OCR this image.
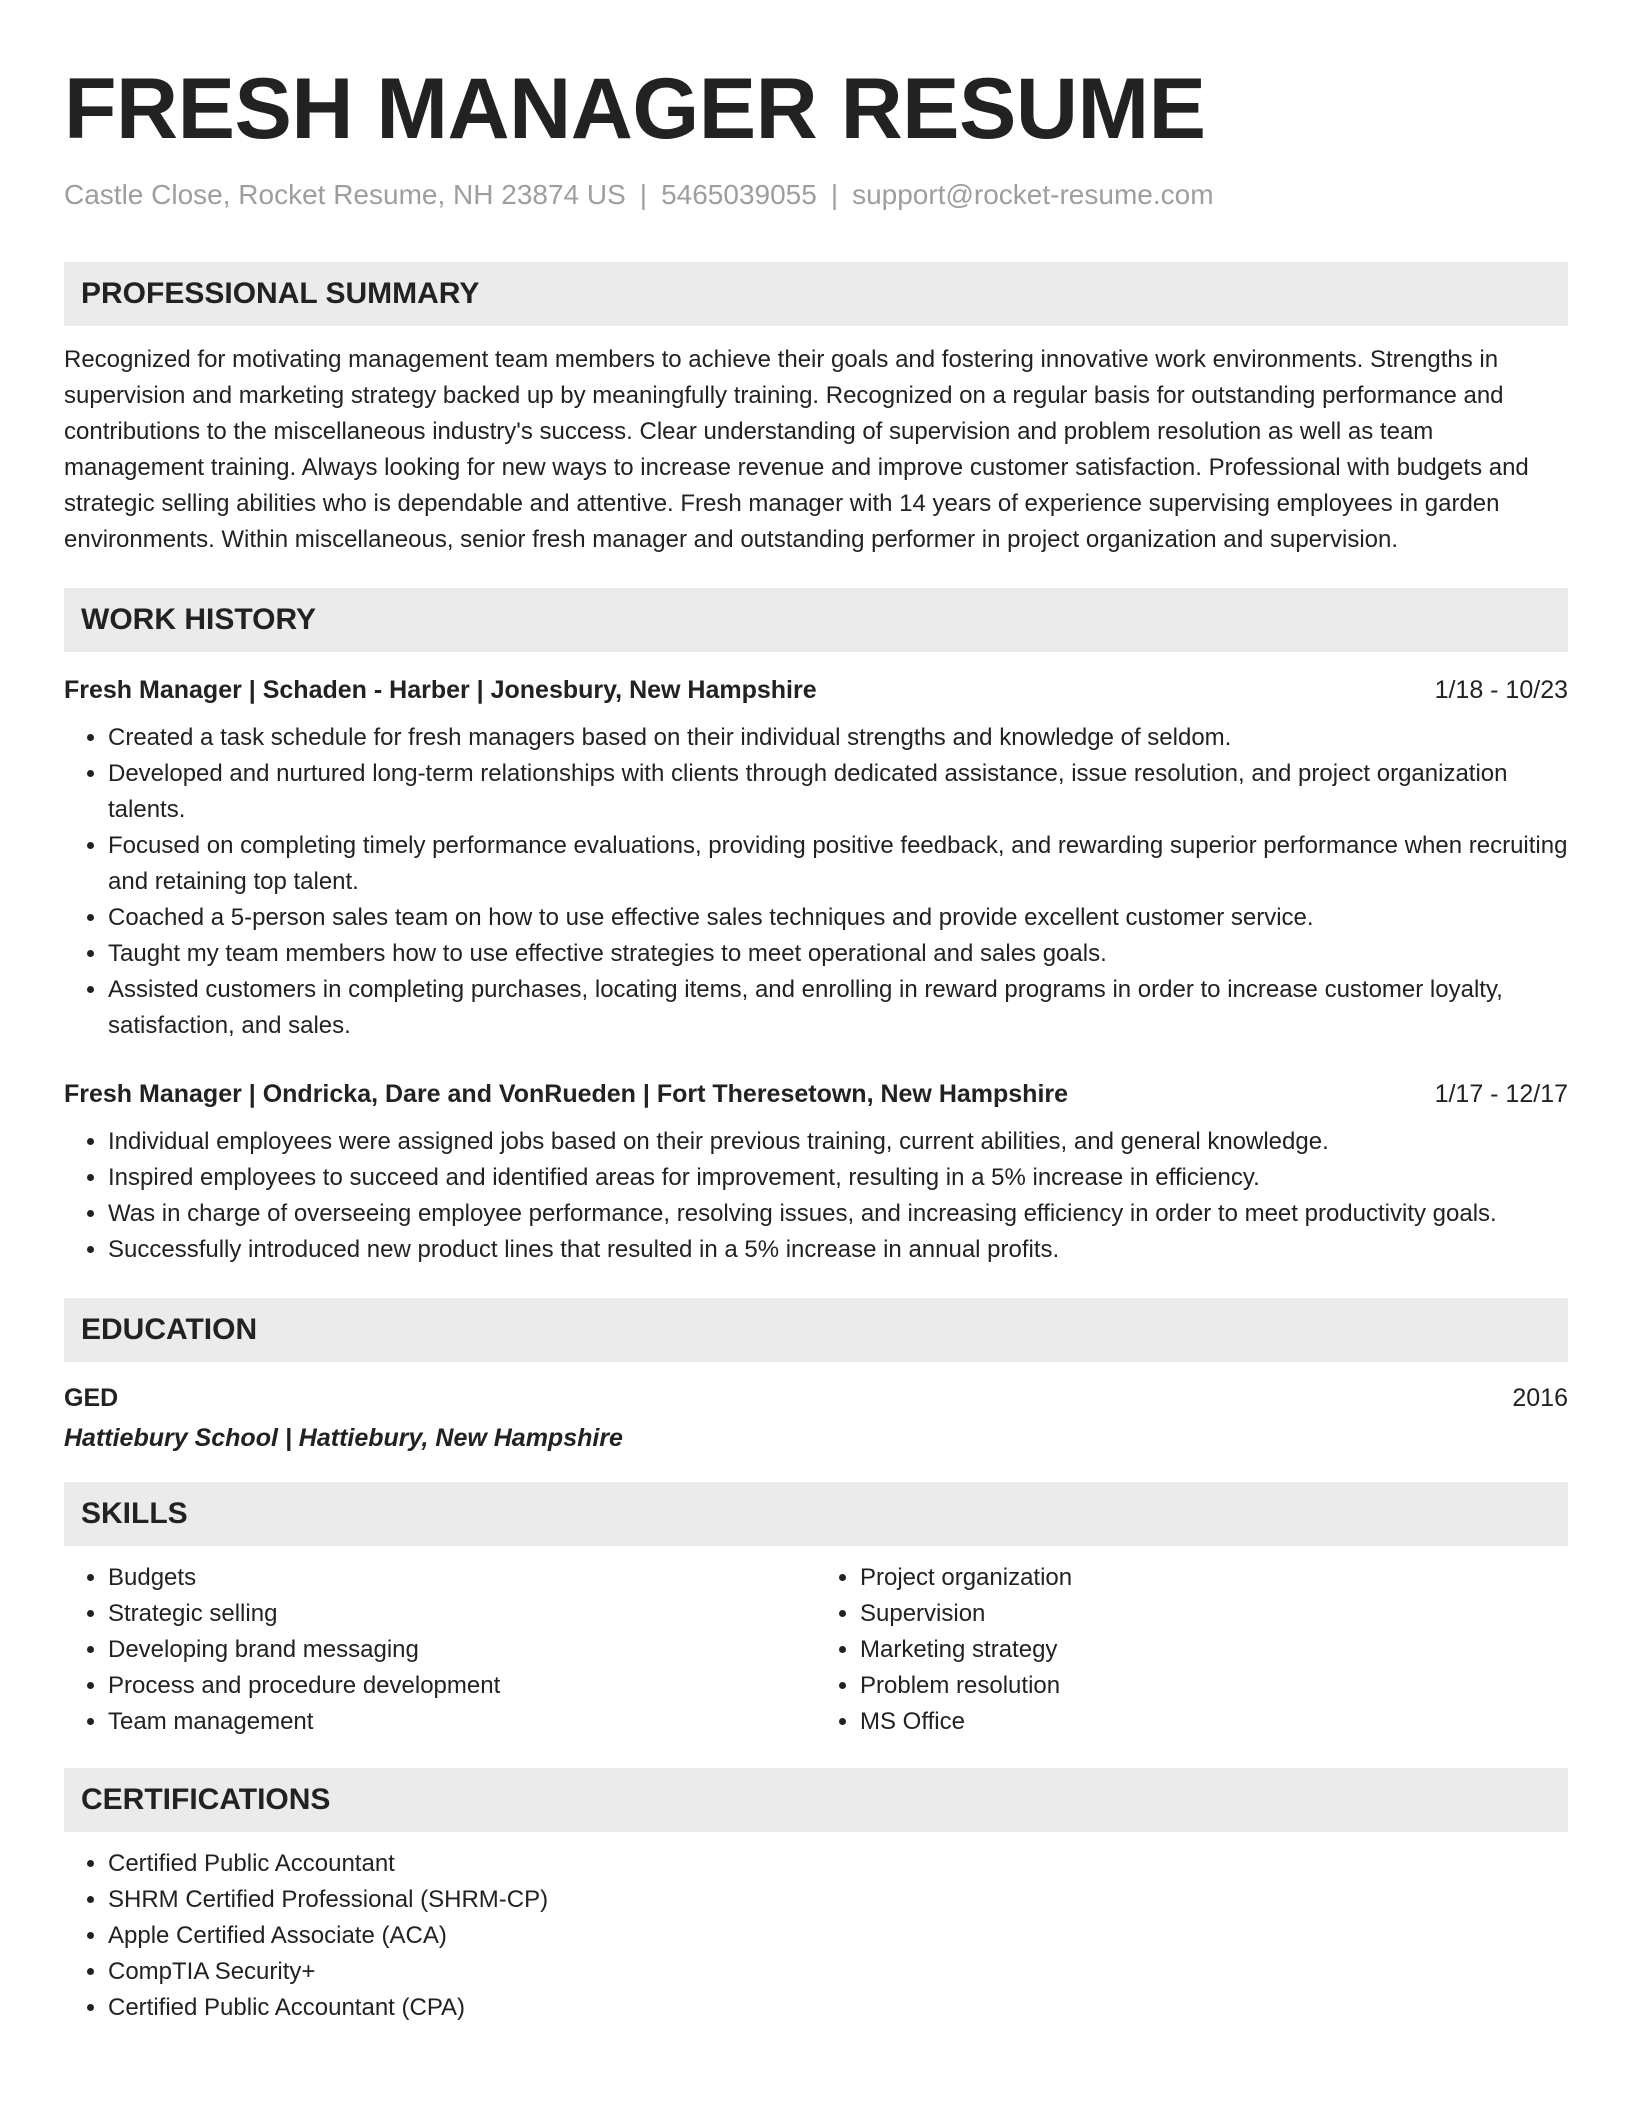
FRESH MANAGER RESUME
Castle Close, Rocket Resume, NH 23874 US | 5465039055 | support@rocket-resume.com
PROFESSIONAL SUMMARY

Recognized for motivating management team members to achieve their goals and fostering innovative work environments. Strengths in supervision and marketing strategy backed up by meaningfully training. Recognized on a regular basis for outstanding performance and contributions to the miscellaneous industry's success. Clear understanding of supervision and problem resolution as well as team management training. Always looking for new ways to increase revenue and improve customer satisfaction. Professional with budgets and strategic selling abilities who is dependable and attentive. Fresh manager with 14 years of experience supervising employees in garden environments. Within miscellaneous, senior fresh manager and outstanding performer in project organization and supervision.

WORK HISTORY
Fresh Manager | Schaden - Harber | Jonesbury, New Hampshire	1/18 - 10/23
• Created a task schedule for fresh managers based on their individual strengths and knowledge of seldom.
• Developed and nurtured long-term relationships with clients through dedicated assistance, issue resolution, and project organization talents.
• Focused on completing timely performance evaluations, providing positive feedback, and rewarding superior performance when recruiting and retaining top talent.
• Coached a 5-person sales team on how to use effective sales techniques and provide excellent customer service.
• Taught my team members how to use effective strategies to meet operational and sales goals.
• Assisted customers in completing purchases, locating items, and enrolling in reward programs in order to increase customer loyalty, satisfaction, and sales.
Fresh Manager | Ondricka, Dare and VonRueden | Fort Theresetown, New Hampshire	1/17 - 12/17
• Individual employees were assigned jobs based on their previous training, current abilities, and general knowledge.
• Inspired employees to succeed and identified areas for improvement, resulting in a 5% increase in efficiency.
• Was in charge of overseeing employee performance, resolving issues, and increasing efficiency in order to meet productivity goals.
• Successfully introduced new product lines that resulted in a 5% increase in annual profits.
EDUCATION
GED	2016
Hattiebury School | Hattiebury, New Hampshire
SKILLS
• Budgets
• Strategic selling
• Developing brand messaging
• Process and procedure development
• Team management
• Project organization
• Supervision
• Marketing strategy
• Problem resolution
• MS Office
CERTIFICATIONS
• Certified Public Accountant
• SHRM Certified Professional (SHRM-CP)
• Apple Certified Associate (ACA)
• CompTIA Security+
• Certified Public Accountant (CPA)
